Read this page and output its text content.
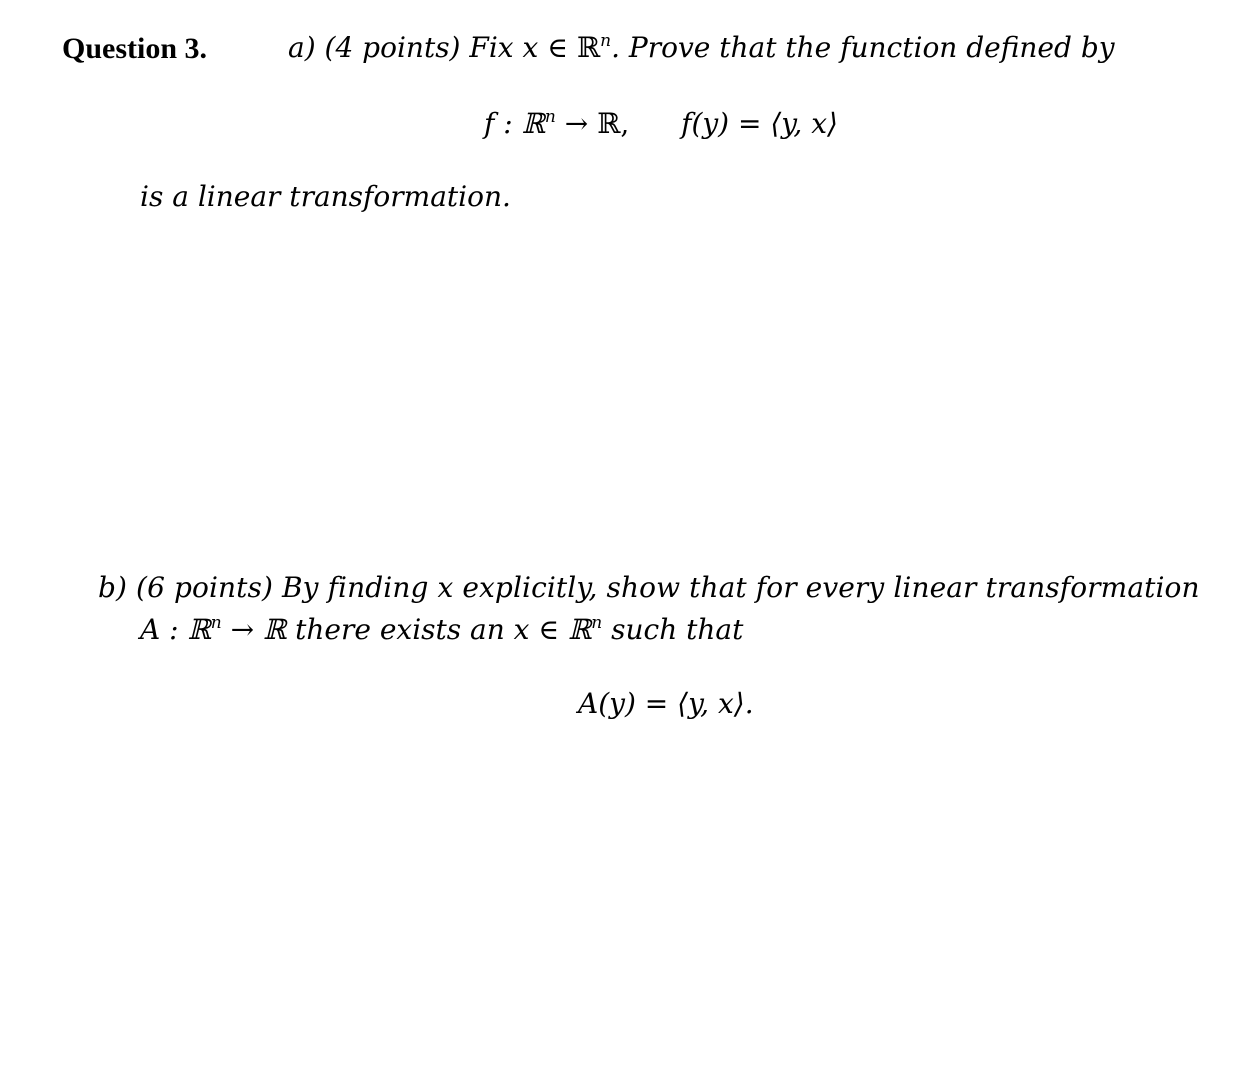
Question 3.	a) (4 points) Fix x ∈ ℝ$^n$. Prove that the function defined by
f : ℝ$^n$ → ℝ, f(y) = ⟨y, x⟩
is a linear transformation.
b) (6 points) By finding x explicitly, show that for every linear transformation
A : ℝ$^n$ → ℝ there exists an x ∈ ℝ$^n$ such that
A(y) = ⟨y, x⟩.
